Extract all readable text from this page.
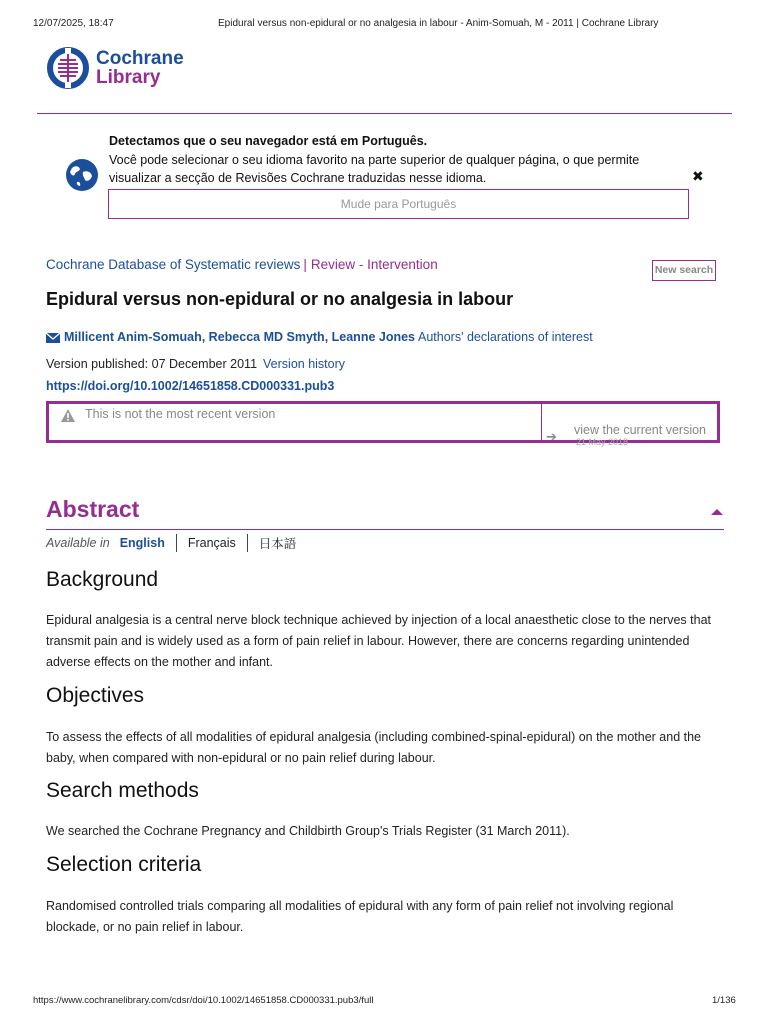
12/07/2025, 18:47	Epidural versus non-epidural or no analgesia in labour - Anim-Somuah, M - 2011 | Cochrane Library
Cochrane
Library
Detectamos que o seu navegador está em Português.
Você pode selecionar o seu idioma favorito na parte superior de qualquer página, o que permite visualizar a secção de Revisões Cochrane traduzidas nesse idioma.	✖
Mude para Português
Cochrane Database of Systematic reviews | Review - Intervention	New search
Epidural versus non‐epidural or no analgesia in labour
Millicent Anim‐Somuah, Rebecca MD Smyth, Leanne Jones Authors' declarations of interest
Version published: 07 December 2011 Version history
https://doi.org/10.1002/14651858.CD000331.pub3
This is not the most recent version
➔ view the current version
21 May 2018
Abstract
Available in English	Français	日本語
Background
Epidural analgesia is a central nerve block technique achieved by injection of a local anaesthetic close to the nerves that transmit pain and is widely used as a form of pain relief in labour. However, there are concerns regarding unintended adverse effects on the mother and infant.
Objectives
To assess the effects of all modalities of epidural analgesia (including combined‐spinal‐epidural) on the mother and the baby, when compared with non‐epidural or no pain relief during labour.
Search methods
We searched the Cochrane Pregnancy and Childbirth Group's Trials Register (31 March 2011).
Selection criteria
Randomised controlled trials comparing all modalities of epidural with any form of pain relief not involving regional blockade, or no pain relief in labour.
https://www.cochranelibrary.com/cdsr/doi/10.1002/14651858.CD000331.pub3/full	1/136
